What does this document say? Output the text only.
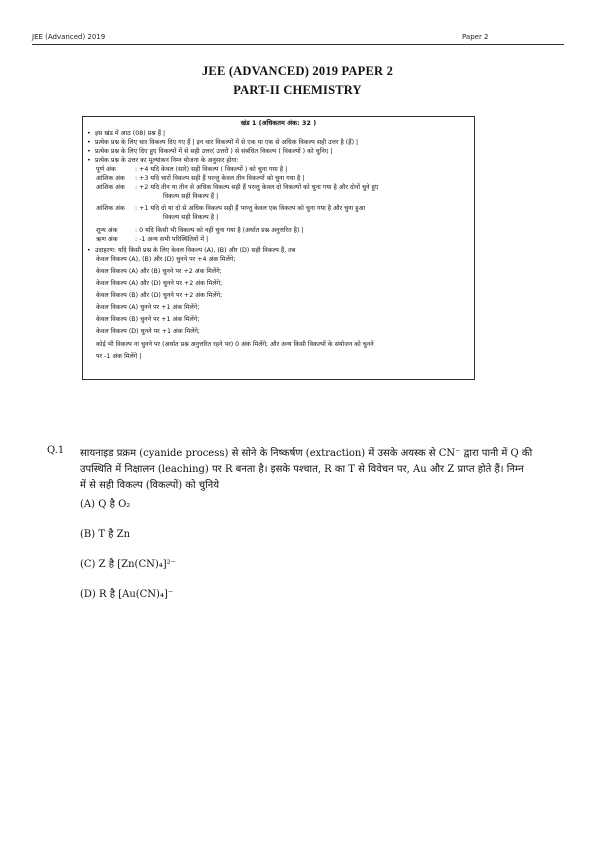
JEE (Advanced) 2019	Paper 2
JEE (ADVANCED) 2019 PAPER 2
PART-II CHEMISTRY
खंड 1 (अधिकतम अंक: 32 )
• इस खंड में आठ (08) प्रश्न हैं |
• प्रत्येक प्रश्न के लिए चार विकल्प दिए गए हैं | इन चार विकल्पों में से एक या एक से अधिक विकल्प सही उत्तर है (हैं) |
• प्रत्येक प्रश्न के लिए दिए हुए विकल्पों में से सही उत्तर( उत्तरों ) से संबंधित विकल्प ( विकल्पों ) को चुनिए |
• प्रत्येक प्रश्न के उत्तर का मूल्यांकन निम्न योजना के अनुसार होगा:
पूर्ण अंक	: +4 यदि केवल (सारे) सही विकल्प ( विकल्पों ) को चुना गया है |
आंशिक अंक : +3 यदि चारों विकल्प सही हैं परन्तु केवल तीन विकल्पों को चुना गया है |
आंशिक अंक : +2 यदि तीन या तीन से अधिक विकल्प सही हैं परन्तु केवल दो विकल्पों को चुना गया है और दोनों चुने हुए
विकल्प सही विकल्प हैं |
आंशिक अंक : +1 यदि दो या दो से अधिक विकल्प सही हैं परन्तु केवल एक विकल्प को चुना गया है और चुना हुआ
विकल्प सही विकल्प है |
शून्य अंक	: 0 यदि किसी भी विकल्प को नहीं चुना गया है (अर्थात प्रश्न अनुत्तरित है) |
ऋण अंक	: -1 अन्य सभी परिस्थितियों में |
• उदाहरण: यदि किसी प्रश्न के लिए केवल विकल्प (A), (B) और (D) सही विकल्प हैं, तब
केवल विकल्प (A), (B) और (D) चुनने पर +4 अंक मिलेंगे;
केवल विकल्प (A) और (B) चुनने पर +2 अंक मिलेंगे;
केवल विकल्प (A) और (D) चुनने पर +2 अंक मिलेंगे;
केवल विकल्प (B) और (D) चुनने पर +2 अंक मिलेंगे;
केवल विकल्प (A) चुनने पर +1 अंक मिलेंगे;
केवल विकल्प (B) चुनने पर +1 अंक मिलेंगे;
केवल विकल्प (D) चुनने पर +1 अंक मिलेंगे;
कोई भी विकल्प ना चुनने पर (अर्थात प्रश्न अनुत्तरित रहने पर) 0 अंक मिलेंगे; और अन्य किसी विकल्पों के संयोजन को चुनने
पर -1 अंक मिलेंगे |
Q.1 सायनाइड प्रक्रम (cyanide process) से सोने के निष्कर्षण (extraction) में उसके अयस्क से CN⁻ द्वारा पानी में Q की
उपस्थिति में निक्षालन (leaching) पर R बनता है। इसके पश्चात, R का T से विवेचन पर, Au और Z प्राप्त होते हैं। निम्न
में से सही विकल्प (विकल्पों) को चुनिये
(A) Q है O₂
(B) T है Zn
(C) Z है [Zn(CN)₄]²⁻
(D) R है [Au(CN)₄]⁻
